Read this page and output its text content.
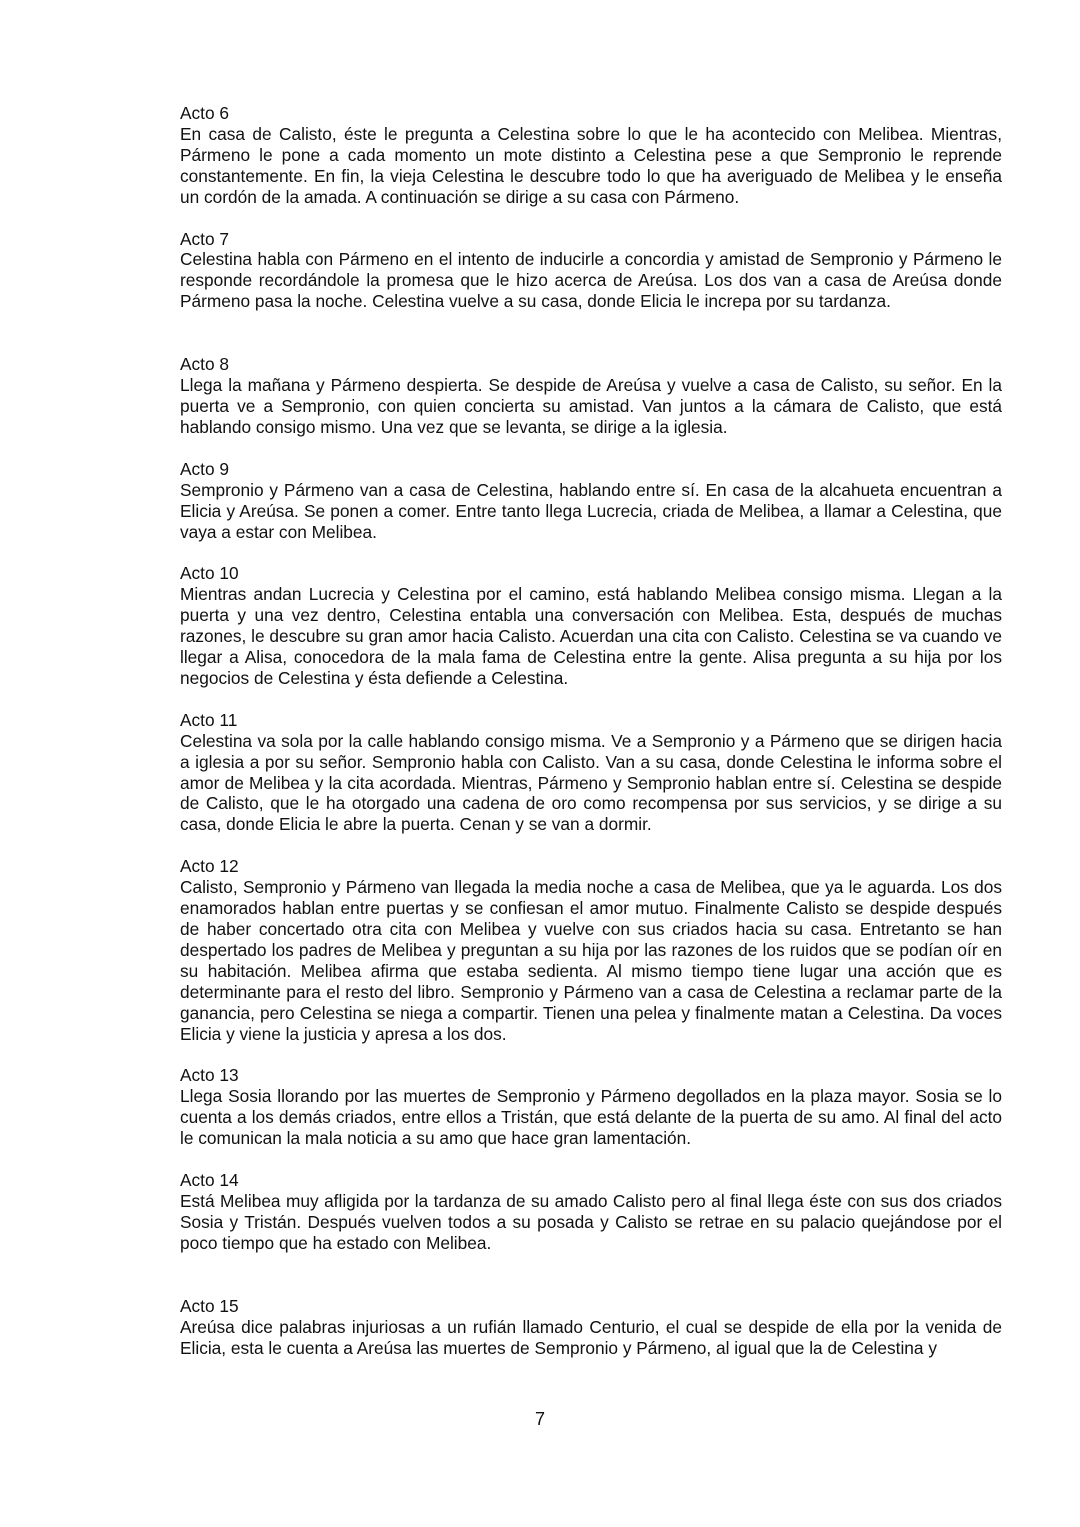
Acto 6
En casa de Calisto, éste le pregunta a Celestina sobre lo que le ha acontecido con Melibea. Mientras, Pármeno le pone a cada momento un mote distinto a Celestina pese a que Sempronio le reprende constantemente. En fin, la vieja Celestina le descubre todo lo que ha averiguado de Melibea y le enseña un cordón de la amada. A continuación se dirige a su casa con Pármeno.
Acto 7
Celestina habla con Pármeno en el intento de inducirle a concordia y amistad de Sempronio y Pármeno le responde recordándole la promesa que le hizo acerca de Areúsa. Los dos van a casa de Areúsa donde Pármeno pasa la noche. Celestina vuelve a su casa, donde Elicia le increpa por su tardanza.
Acto 8
Llega la mañana y Pármeno despierta. Se despide de Areúsa y vuelve a casa de Calisto, su señor. En la puerta ve a Sempronio, con quien concierta su amistad. Van juntos a la cámara de Calisto, que está hablando consigo mismo. Una vez que se levanta, se dirige a la iglesia.
Acto 9
Sempronio y Pármeno van a casa de Celestina, hablando entre sí. En casa de la alcahueta encuentran a Elicia y Areúsa. Se ponen a comer. Entre tanto llega Lucrecia, criada de Melibea, a llamar a Celestina, que vaya a estar con Melibea.
Acto 10
Mientras andan Lucrecia y Celestina por el camino, está hablando Melibea consigo misma. Llegan a la puerta y una vez dentro, Celestina entabla una conversación con Melibea. Esta, después de muchas razones, le descubre su gran amor hacia Calisto. Acuerdan una cita con Calisto. Celestina se va cuando ve llegar a Alisa, conocedora de la mala fama de Celestina entre la gente. Alisa pregunta a su hija por los negocios de Celestina y ésta defiende a Celestina.
Acto 11
Celestina va sola por la calle hablando consigo misma. Ve a Sempronio y a Pármeno que se dirigen hacia a iglesia a por su señor. Sempronio habla con Calisto. Van a su casa, donde Celestina le informa sobre el amor de Melibea y la cita acordada. Mientras, Pármeno y Sempronio hablan entre sí. Celestina se despide de Calisto, que le ha otorgado una cadena de oro como recompensa por sus servicios, y se dirige a su casa, donde Elicia le abre la puerta. Cenan y se van a dormir.
Acto 12
Calisto, Sempronio y Pármeno van llegada la media noche a casa de Melibea, que ya le aguarda. Los dos enamorados hablan entre puertas y se confiesan el amor mutuo. Finalmente Calisto se despide después de haber concertado otra cita con Melibea y vuelve con sus criados hacia su casa. Entretanto se han despertado los padres de Melibea y preguntan a su hija por las razones de los ruidos que se podían oír en su habitación. Melibea afirma que estaba sedienta. Al mismo tiempo tiene lugar una acción que es determinante para el resto del libro. Sempronio y Pármeno van a casa de Celestina a reclamar parte de la ganancia, pero Celestina se niega a compartir. Tienen una pelea y finalmente matan a Celestina. Da voces Elicia y viene la justicia y apresa a los dos.
Acto 13
Llega Sosia llorando por las muertes de Sempronio y Pármeno degollados en la plaza mayor. Sosia se lo cuenta a los demás criados, entre ellos a Tristán, que está delante de la puerta de su amo. Al final del acto le comunican la mala noticia a su amo que hace gran lamentación.
Acto 14
Está Melibea muy afligida por la tardanza de su amado Calisto pero al final llega éste con sus dos criados Sosia y Tristán. Después vuelven todos a su posada y Calisto se retrae en su palacio quejándose por el poco tiempo que ha estado con Melibea.
Acto 15
Areúsa dice palabras injuriosas a un rufián llamado Centurio, el cual se despide de ella por la venida de Elicia, esta le cuenta a Areúsa las muertes de Sempronio y Pármeno, al igual que la de Celestina y
7
